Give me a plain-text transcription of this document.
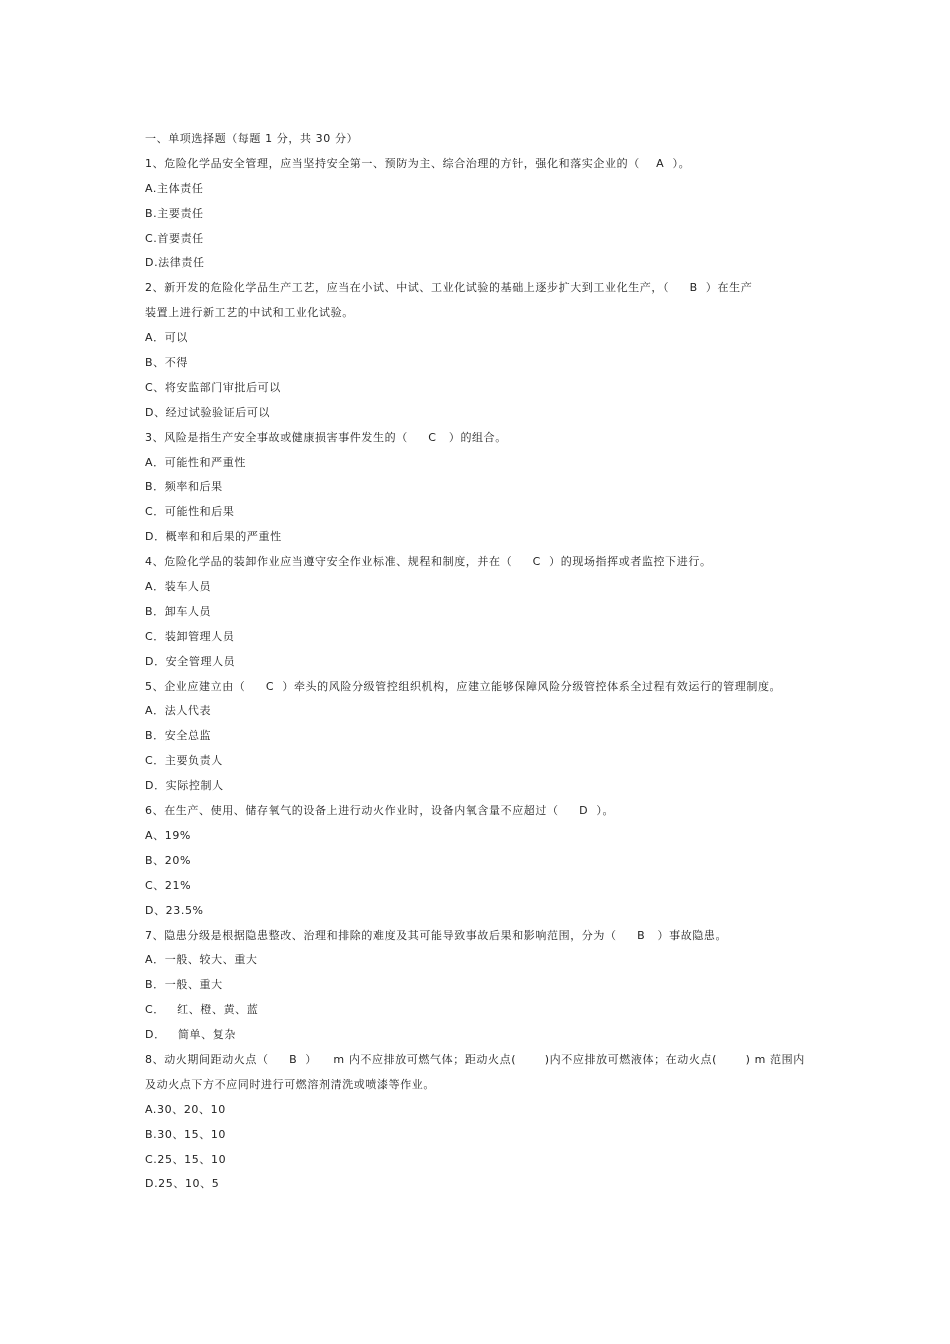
一、单项选择题（每题 1 分，共 30 分）
1、危险化学品安全管理，应当坚持安全第一、预防为主、综合治理的方针，强化和落实企业的（    A  ）。
A.主体责任
B.主要责任
C.首要责任
D.法律责任
2、新开发的危险化学品生产工艺，应当在小试、中试、工业化试验的基础上逐步扩大到工业化生产，（     B  ）在生产
装置上进行新工艺的中试和工业化试验。
A．可以
B、不得
C、将安监部门审批后可以
D、经过试验验证后可以
3、风险是指生产安全事故或健康损害事件发生的（     C   ）的组合。
A．可能性和严重性
B．频率和后果
C．可能性和后果
D．概率和和后果的严重性
4、危险化学品的装卸作业应当遵守安全作业标准、规程和制度，并在（     C  ）的现场指挥或者监控下进行。
A．装车人员
B．卸车人员
C．装卸管理人员
D．安全管理人员
5、企业应建立由（     C  ）牵头的风险分级管控组织机构，应建立能够保障风险分级管控体系全过程有效运行的管理制度。
A．法人代表
B．安全总监
C．主要负责人
D．实际控制人
6、在生产、使用、储存氧气的设备上进行动火作业时，设备内氧含量不应超过（     D  ）。
A、19%
B、20%
C、21%
D、23.5%
7、隐患分级是根据隐患整改、治理和排除的难度及其可能导致事故后果和影响范围，分为（     B   ）事故隐患。
A．一般、较大、重大
B．一般、重大
C．   红、橙、黄、蓝
D．   简单、复杂
8、动火期间距动火点（     B  ）    m 内不应排放可燃气体；距动火点(       )内不应排放可燃液体；在动火点(       ) m 范围内
及动火点下方不应同时进行可燃溶剂清洗或喷漆等作业。
A.30、20、10
B.30、15、10
C.25、15、10
D.25、10、5
